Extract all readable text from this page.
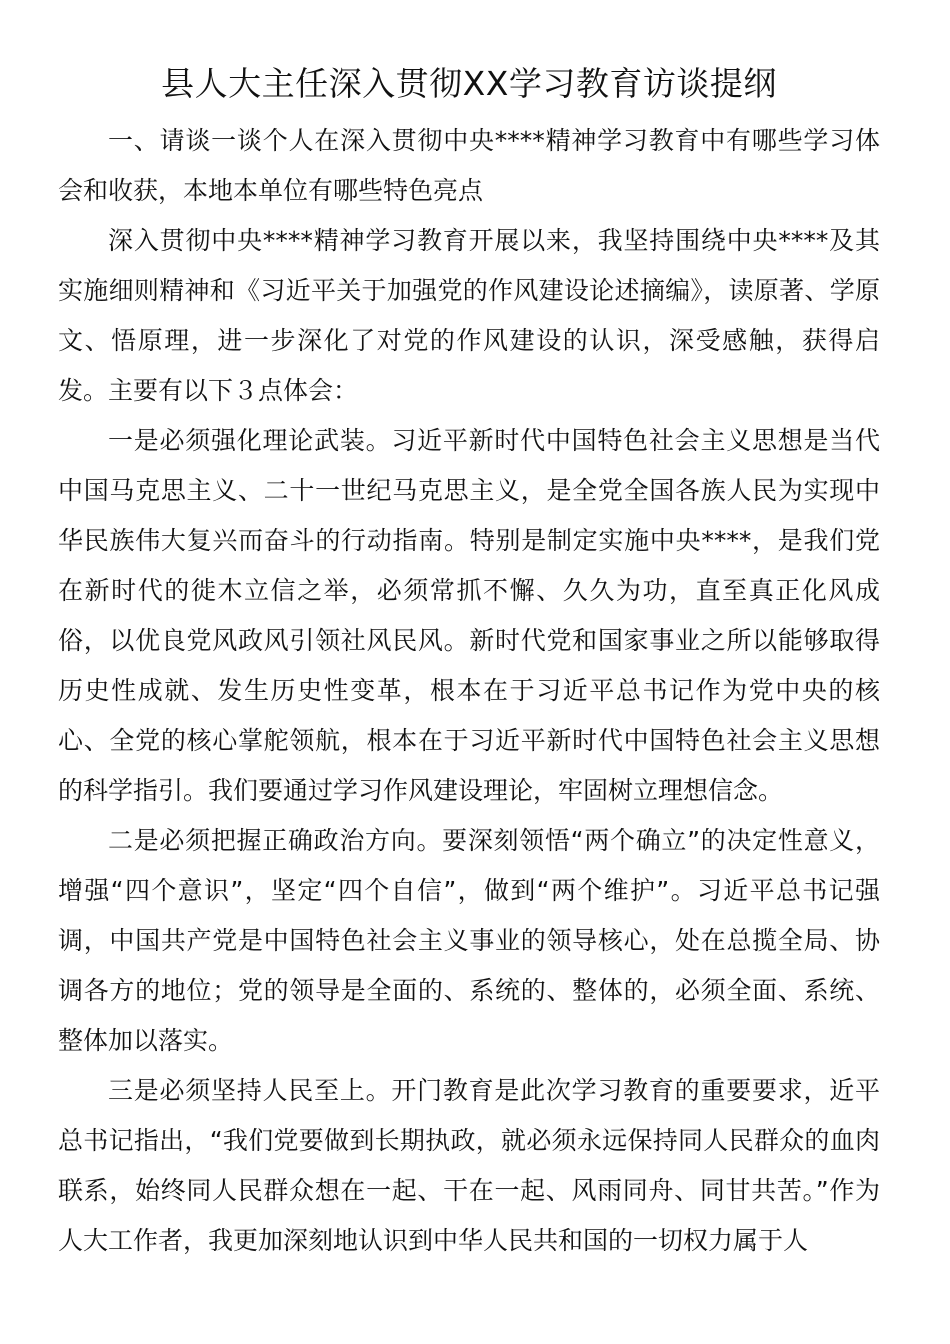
县人大主任深入贯彻XX学习教育访谈提纲

一、请谈一谈个人在深入贯彻中央****精神学习教育中有哪些学习体会和收获，本地本单位有哪些特色亮点

深入贯彻中央****精神学习教育开展以来，我坚持围绕中央****及其实施细则精神和《习近平关于加强党的作风建设论述摘编》，读原著、学原文、悟原理，进一步深化了对党的作风建设的认识，深受感触，获得启发。主要有以下３点体会：

一是必须强化理论武装。习近平新时代中国特色社会主义思想是当代中国马克思主义、二十一世纪马克思主义，是全党全国各族人民为实现中华民族伟大复兴而奋斗的行动指南。特别是制定实施中央****，是我们党在新时代的徙木立信之举，必须常抓不懈、久久为功，直至真正化风成俗，以优良党风政风引领社风民风。新时代党和国家事业之所以能够取得历史性成就、发生历史性变革，根本在于习近平总书记作为党中央的核心、全党的核心掌舵领航，根本在于习近平新时代中国特色社会主义思想的科学指引。我们要通过学习作风建设理论，牢固树立理想信念。

二是必须把握正确政治方向。要深刻领悟“两个确立”的决定性意义，增强“四个意识”，坚定“四个自信”，做到“两个维护”。习近平总书记强调，中国共产党是中国特色社会主义事业的领导核心，处在总揽全局、协调各方的地位；党的领导是全面的、系统的、整体的，必须全面、系统、整体加以落实。

三是必须坚持人民至上。开门教育是此次学习教育的重要要求，近平总书记指出，“我们党要做到长期执政，就必须永远保持同人民群众的血肉联系，始终同人民群众想在一起、干在一起、风雨同舟、同甘共苦。”作为人大工作者，我更加深刻地认识到中华人民共和国的一切权力属于人
